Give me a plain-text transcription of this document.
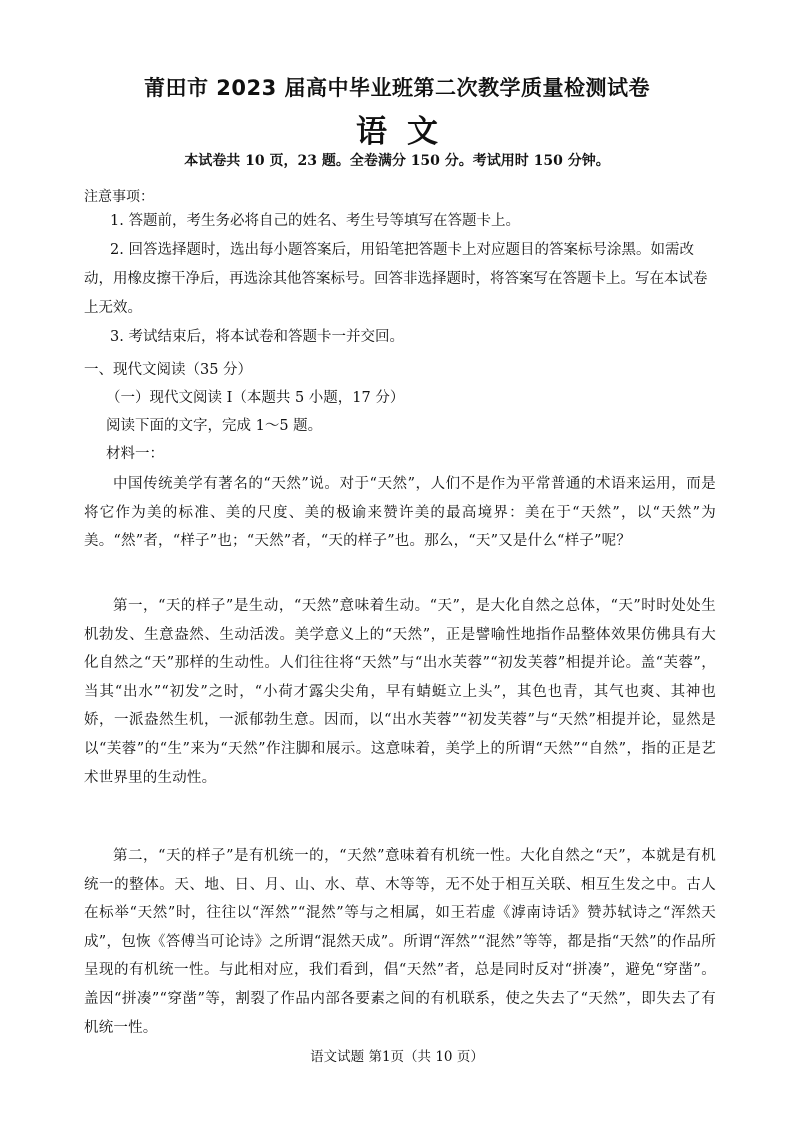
莆田市 2023 届高中毕业班第二次教学质量检测试卷
语文
本试卷共 10 页，23 题。全卷满分 150 分。考试用时 150 分钟。
注意事项：
1. 答题前，考生务必将自己的姓名、考生号等填写在答题卡上。
2. 回答选择题时，选出每小题答案后，用铅笔把答题卡上对应题目的答案标号涂黑。如需改动，用橡皮擦干净后，再选涂其他答案标号。回答非选择题时，将答案写在答题卡上。写在本试卷上无效。
3. 考试结束后，将本试卷和答题卡一并交回。
一、现代文阅读（35 分）
（一）现代文阅读 I（本题共 5 小题，17 分）
阅读下面的文字，完成 1～5 题。
材料一：
中国传统美学有著名的“天然”说。对于“天然”，人们不是作为平常普通的术语来运用，而是将它作为美的标准、美的尺度、美的极谕来赞许美的最高境界：美在于“天然”，以“天然”为美。“然”者，“样子”也；“天然”者，“天的样子”也。那么，“天”又是什么“样子”呢？
第一，“天的样子”是生动，“天然”意味着生动。“天”，是大化自然之总体，“天”时时处处生机勃发、生意盎然、生动活泼。美学意义上的“天然”，正是譬喻性地指作品整体效果仿佛具有大化自然之“天”那样的生动性。人们往往将“天然”与“出水芙蓉”“初发芙蓉”相提并论。盖“芙蓉”，当其“出水”“初发”之时，“小荷才露尖尖角，早有蜻蜓立上头”，其色也青，其气也爽、其神也娇，一派盎然生机，一派郁勃生意。因而，以“出水芙蓉”“初发芙蓉”与“天然”相提并论，显然是以“芙蓉”的“生”来为“天然”作注脚和展示。这意味着，美学上的所谓“天然”“自然”，指的正是艺术世界里的生动性。
第二，“天的样子”是有机统一的，“天然”意味着有机统一性。大化自然之“天”，本就是有机统一的整体。天、地、日、月、山、水、草、木等等，无不处于相互关联、相互生发之中。古人在标举“天然”时，往往以“浑然”“混然”等与之相属，如王若虚《滹南诗话》赞苏轼诗之“浑然天成”，包恢《答傅当可论诗》之所谓“混然天成”。所谓“浑然”“混然”等等，都是指“天然”的作品所呈现的有机统一性。与此相对应，我们看到，倡“天然”者，总是同时反对“拼凑”，避免“穿凿”。盖因“拼凑”“穿凿”等，割裂了作品内部各要素之间的有机联系，使之失去了“天然”，即失去了有机统一性。
语文试题 第1页（共 10 页）
